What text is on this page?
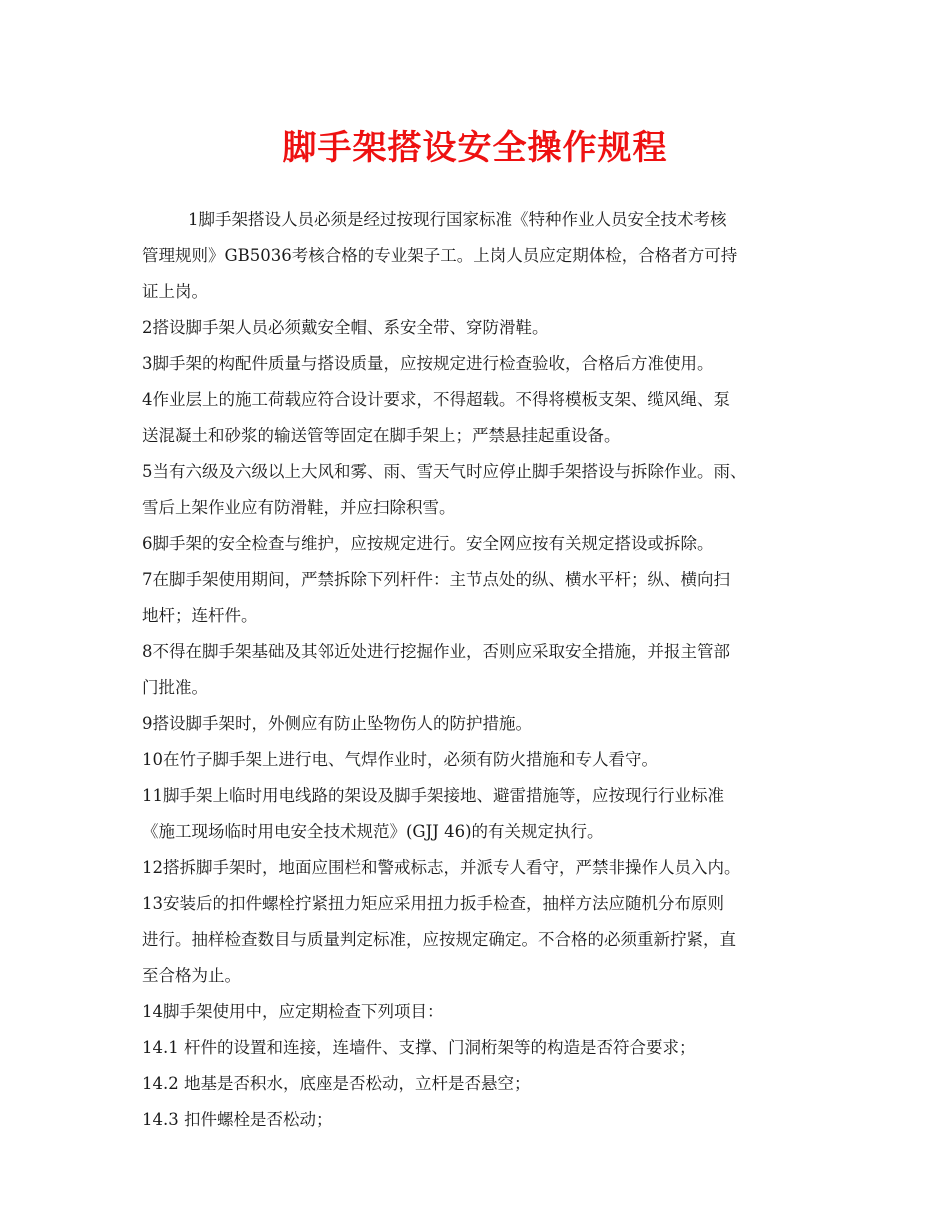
脚手架搭设安全操作规程
1脚手架搭设人员必须是经过按现行国家标准《特种作业人员安全技术考核
管理规则》GB5036考核合格的专业架子工。上岗人员应定期体检，合格者方可持
证上岗。
2搭设脚手架人员必须戴安全帽、系安全带、穿防滑鞋。
3脚手架的构配件质量与搭设质量，应按规定进行检查验收，合格后方准使用。
4作业层上的施工荷载应符合设计要求，不得超载。不得将模板支架、缆风绳、泵
送混凝土和砂浆的输送管等固定在脚手架上；严禁悬挂起重设备。
5当有六级及六级以上大风和雾、雨、雪天气时应停止脚手架搭设与拆除作业。雨、
雪后上架作业应有防滑鞋，并应扫除积雪。
6脚手架的安全检查与维护，应按规定进行。安全网应按有关规定搭设或拆除。
7在脚手架使用期间，严禁拆除下列杆件：主节点处的纵、横水平杆；纵、横向扫
地杆；连杆件。
8不得在脚手架基础及其邻近处进行挖掘作业，否则应采取安全措施，并报主管部
门批准。
9搭设脚手架时，外侧应有防止坠物伤人的防护措施。
10在竹子脚手架上进行电、气焊作业时，必须有防火措施和专人看守。
11脚手架上临时用电线路的架设及脚手架接地、避雷措施等，应按现行行业标准
《施工现场临时用电安全技术规范》(GJJ 46)的有关规定执行。
12搭拆脚手架时，地面应围栏和警戒标志，并派专人看守，严禁非操作人员入内。
13安装后的扣件螺栓拧紧扭力矩应采用扭力扳手检查，抽样方法应随机分布原则
进行。抽样检查数目与质量判定标准，应按规定确定。不合格的必须重新拧紧，直
至合格为止。
14脚手架使用中，应定期检查下列项目：
14.1 杆件的设置和连接，连墙件、支撑、门洞桁架等的构造是否符合要求；
14.2 地基是否积水，底座是否松动，立杆是否悬空；
14.3 扣件螺栓是否松动；
